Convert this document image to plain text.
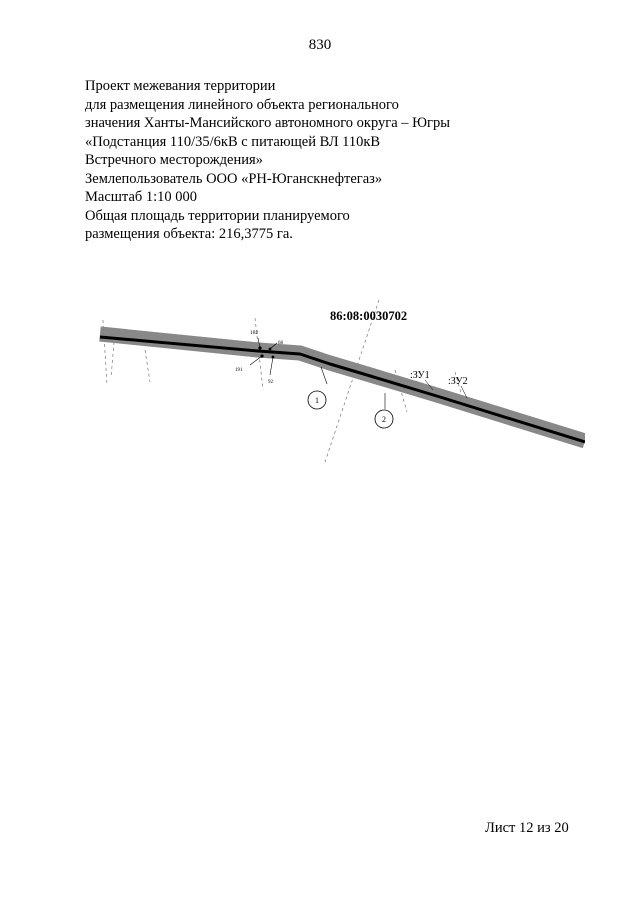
830
Проект межевания территории
для размещения линейного объекта регионального
значения Ханты-Мансийского автономного округа – Югры
«Подстанция 110/35/6кВ с питающей ВЛ 110кВ
Встречного месторождения»
Землепользователь ООО «РН-Юганскнефтегаз»
Масштаб 1:10 000
Общая площадь территории планируемого
размещения объекта: 216,3775 га.
182
68
191
92
86:08:0030702
:ЗУ1
:ЗУ2
1
2
Лист 12 из 20
